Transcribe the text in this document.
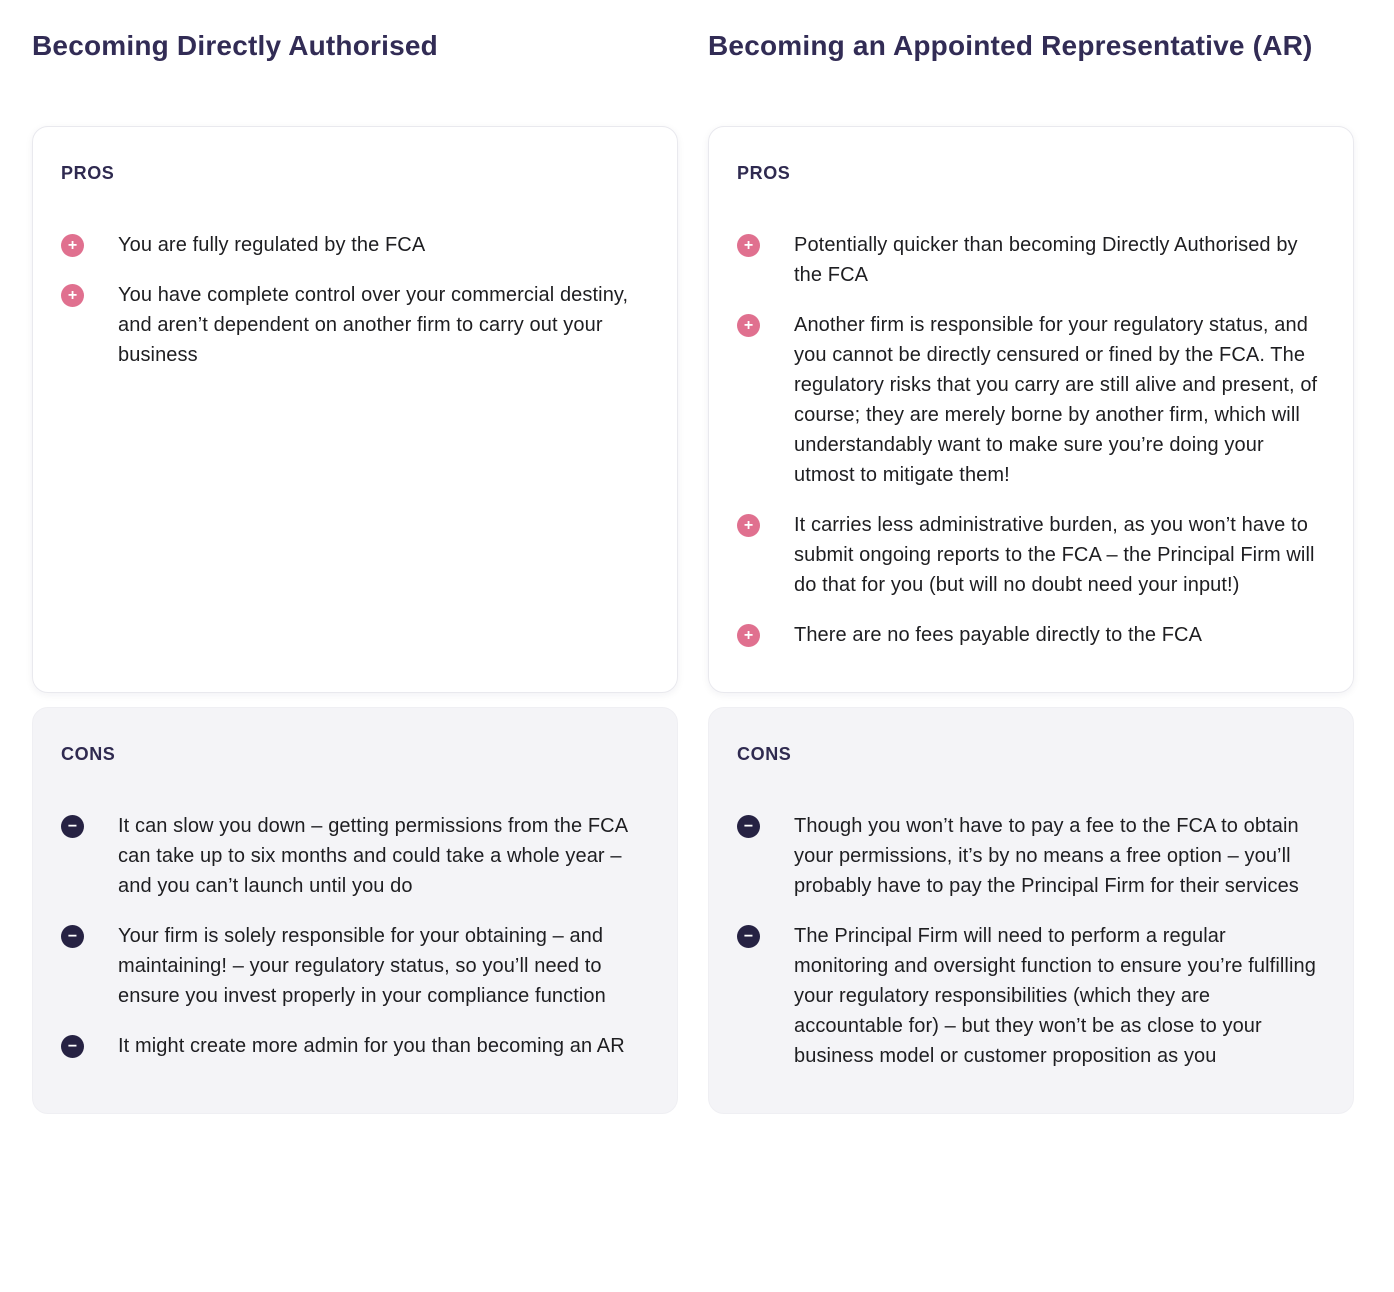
Becoming Directly Authorised	Becoming an Appointed Representative (AR)
PROS
+	You are fully regulated by the FCA
+	You have complete control over your commercial destiny, and aren’t dependent on another firm to carry out your business
PROS
+	Potentially quicker than becoming Directly Authorised by the FCA
+	Another firm is responsible for your regulatory status, and you cannot be directly censured or fined by the FCA. The regulatory risks that you carry are still alive and present, of course; they are merely borne by another firm, which will understandably want to make sure you’re doing your utmost to mitigate them!
+	It carries less administrative burden, as you won’t have to submit ongoing reports to the FCA – the Principal Firm will do that for you (but will no doubt need your input!)
+	There are no fees payable directly to the FCA
CONS
−	It can slow you down – getting permissions from the FCA can take up to six months and could take a whole year – and you can’t launch until you do
−	Your firm is solely responsible for your obtaining – and maintaining! – your regulatory status, so you’ll need to ensure you invest properly in your compliance function
−	It might create more admin for you than becoming an AR
CONS
−	Though you won’t have to pay a fee to the FCA to obtain your permissions, it’s by no means a free option – you’ll probably have to pay the Principal Firm for their services
−	The Principal Firm will need to perform a regular monitoring and oversight function to ensure you’re fulfilling your regulatory responsibilities (which they are accountable for) – but they won’t be as close to your business model or customer proposition as you
